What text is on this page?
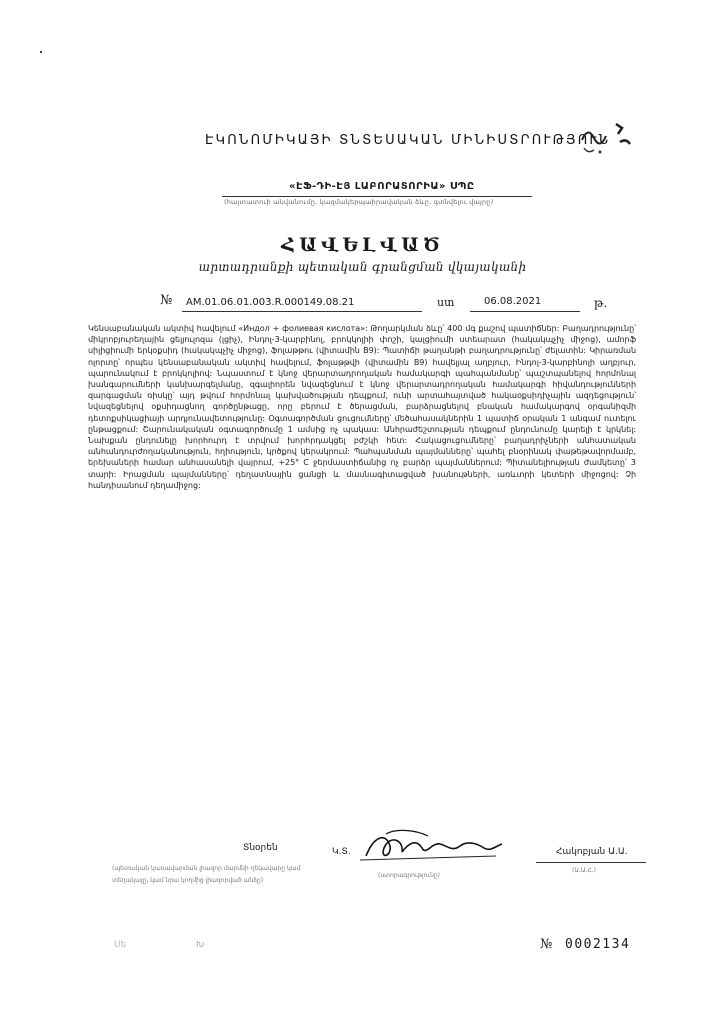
ԷԿՈՆՈՄԻԿԱՅԻ ՏՆՏԵՍԱԿԱՆ ՄԻՆԻՍՏՐՈՒԹՅՈՒՆ
«ԷՖ-ԴԻ-ԷՅ ԼԱԲՈՐԱՏՈՐԻԱ» ՍՊԸ
(հայտատուի անվանումը, կազմակերպաիրավական ձևը, գտնվելու վայրը)
ՀԱՎԵԼՎԱԾ
արտադրանքի պետական գրանցման վկայականի
№ AM.01.06.01.003.R.000149.08.21	ստ	06.08.2021	թ.
Կենսաբանական ակտիվ հավելում «Индол + фолиевая кислота»: Թողարկման ձևը՝ 400 մգ քաշով պատիճներ: Բաղադրությունը՝ միկրոբյուրեղային ցելյուլոզա (լցիչ), Ինդոլ-3-կարբինոլ, բրոկկոլիի փոշի, կալցիումի ստեարատ (հակակպչիչ միջոց), ամորֆ սիլիցիումի երկօքսիդ (հակակպչիչ միջոց), ֆոլաթթու (վիտամին B9): Պատիճի թաղանթի բաղադրությունը՝ ժելատին: Կիրառման ոլորտը՝ որպես կենսաբանական ակտիվ հավելում, ֆոլաթթվի (վիտամին B9) հավելյալ աղբյուր, Ինդոլ-3-կարբինոլի աղբյուր, պարունակում է բրոկկոլիով: Նպաստում է կնոջ վերարտադրողական համակարգի պահպանմանը՝ պաշտպանելով հորմոնալ խանգարումների կանխարգելմանը, զգալիորեն նվազեցնում է կնոջ վերարտադրողական համակարգի հիվանդությունների զարգացման ռիսկը՝ այդ թվում հորմոնալ կախվածության դեպքում, ունի արտահայտված հակաօքսիդիչային ազդեցություն՝ նվազեցնելով օքսիդացնող գործընթացը, որը բերում է ծերացման, բարձրացնելով բնական համակարգով օրգանիզմի դետոքսիկացիայի արդյունավետությունը: Օգտագործման ցուցումները՝ մեծահասակներին 1 պատիճ օրական 1 անգամ ուտելու ընթացքում: Շարունակական օգտագործումը 1 ամսից ոչ պակաս: Անհրաժեշտության դեպքում ընդունումը կարելի է կրկնել: Նախքան ընդունելը խորհուրդ է տրվում խորհրդակցել բժշկի հետ: Հակացուցումները՝ բաղադրիչների անհատական անհանդուրժողականություն, հղիություն, կրծքով կերակրում: Պահպանման պայմանները՝ պահել բնօրինակ փաթեթավորմամբ, երեխաների համար անհասանելի վայրում, +25° C ջերմաստիճանից ոչ բարձր պայմաններում: Պիտանելիության ժամկետը՝ 3 տարի: Իրացման պայմանները՝ դեղատնային ցանցի և մասնագիտացված խանութների, առևտրի կետերի միջոցով: Չի հանդիսանում դեղամիջոց:
Տնօրեն
(պետական կառավարման լիազոր մարմնի ղեկավարը կամ տեղակալը, կամ նրա կողմից լիազորված անձը)
Կ.Տ.
(ստորագրությունը)
Հակոբյան Ա.Ա.
(Ա.Ա.Հ.)
Սե	Խ	№ 0002134
